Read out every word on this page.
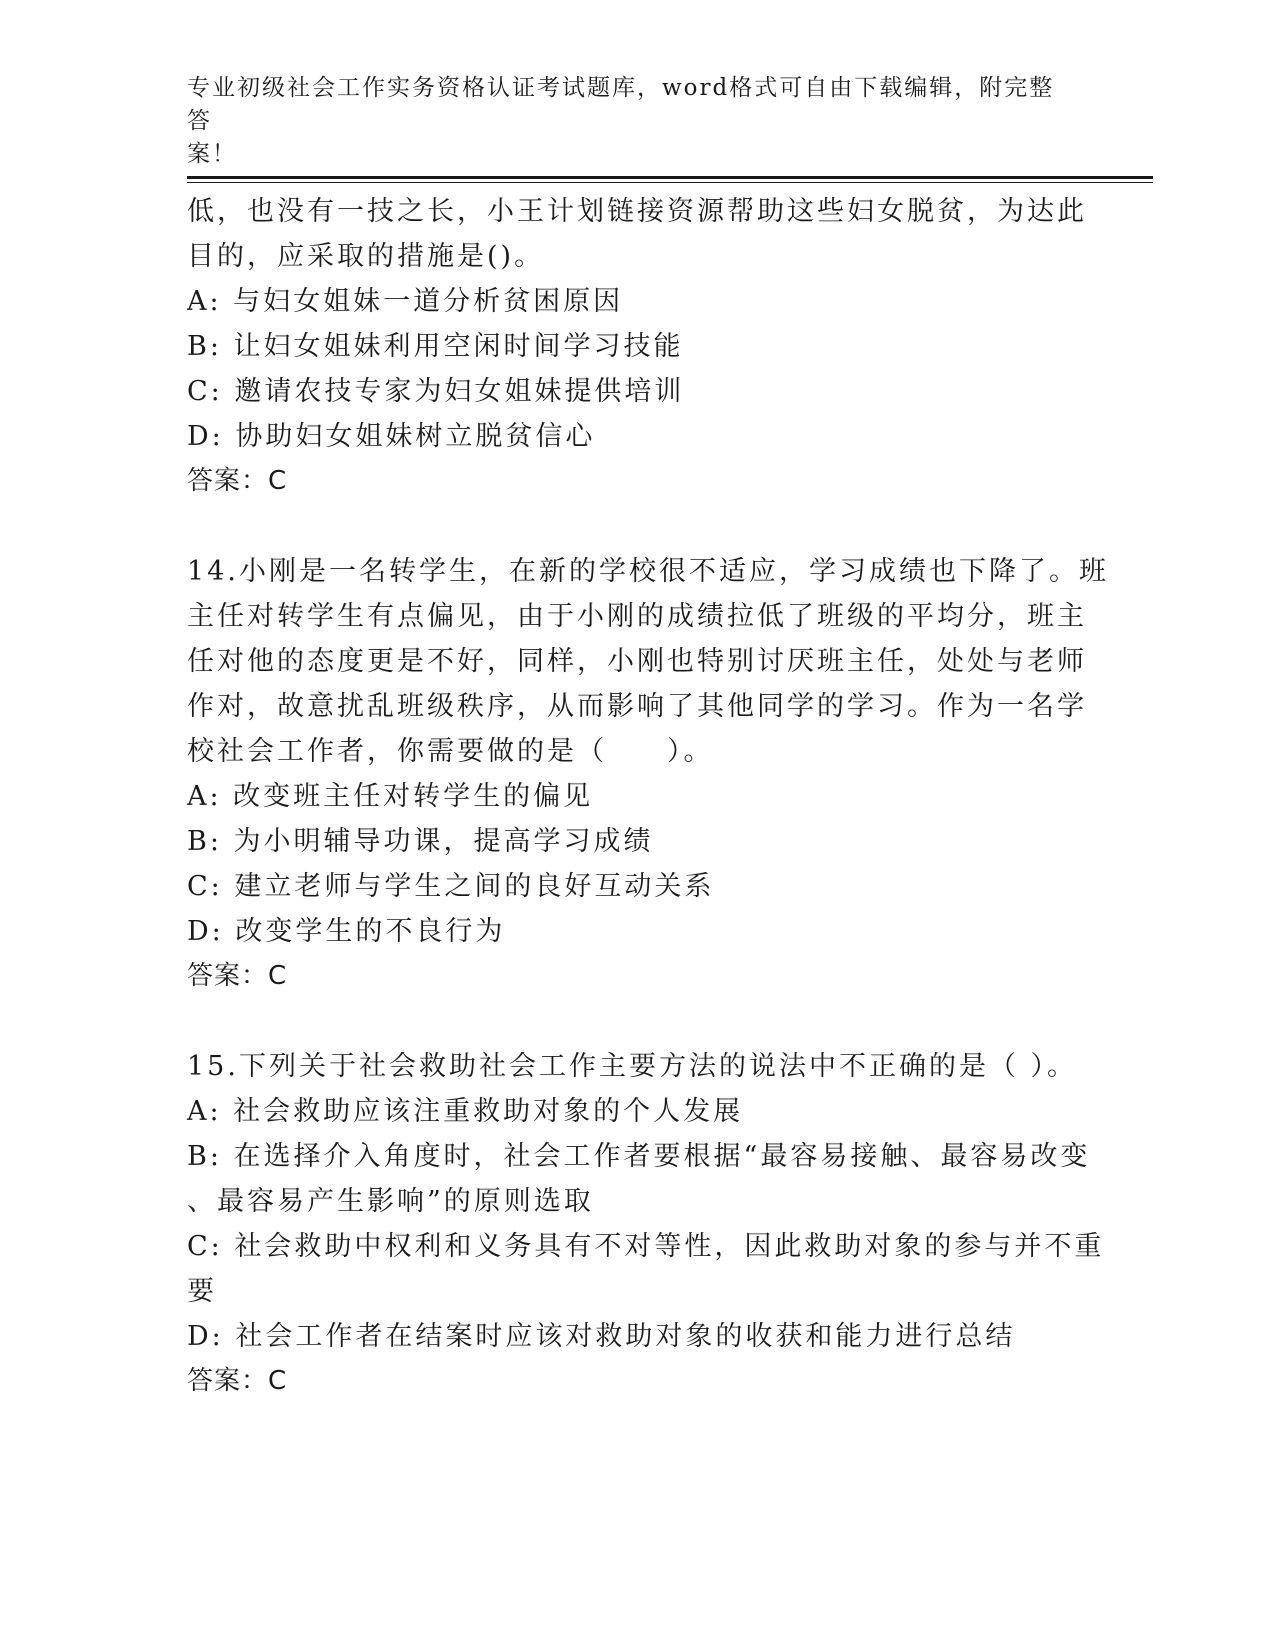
专业初级社会工作实务资格认证考试题库，word格式可自由下载编辑，附完整答
案！
低，也没有一技之长，小王计划链接资源帮助这些妇女脱贫，为达此
目的，应采取的措施是()。
A: 与妇女姐妹一道分析贫困原因
B: 让妇女姐妹利用空闲时间学习技能
C: 邀请农技专家为妇女姐妹提供培训
D: 协助妇女姐妹树立脱贫信心
答案：C
14.小刚是一名转学生，在新的学校很不适应，学习成绩也下降了。班
主任对转学生有点偏见，由于小刚的成绩拉低了班级的平均分，班主
任对他的态度更是不好，同样，小刚也特别讨厌班主任，处处与老师
作对，故意扰乱班级秩序，从而影响了其他同学的学习。作为一名学
校社会工作者，你需要做的是（　　）。
A: 改变班主任对转学生的偏见
B: 为小明辅导功课，提高学习成绩
C: 建立老师与学生之间的良好互动关系
D: 改变学生的不良行为
答案：C
15.下列关于社会救助社会工作主要方法的说法中不正确的是（ ）。
A: 社会救助应该注重救助对象的个人发展
B: 在选择介入角度时，社会工作者要根据“最容易接触、最容易改变
、最容易产生影响”的原则选取
C: 社会救助中权利和义务具有不对等性，因此救助对象的参与并不重
要
D: 社会工作者在结案时应该对救助对象的收获和能力进行总结
答案：C
